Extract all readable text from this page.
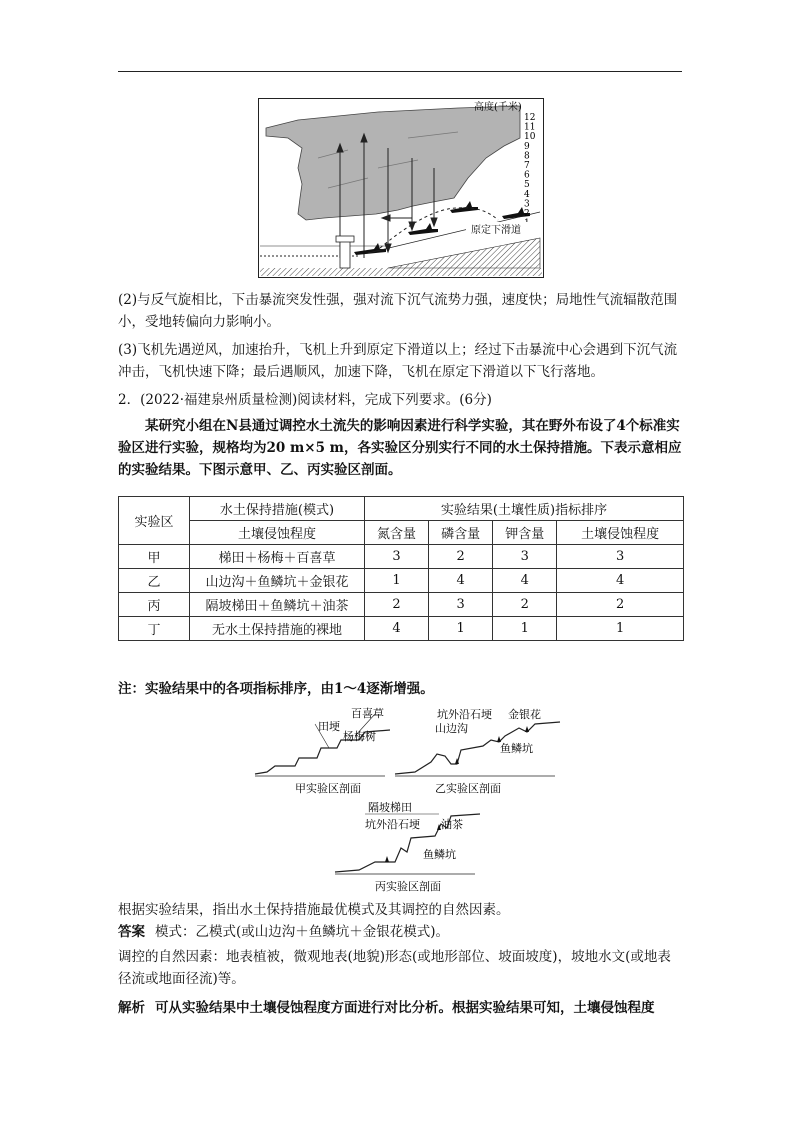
高度(千米)
12
11
10
9
8
7
6
5
4
3
2
原定下滑道

(2)与反气旋相比，下击暴流突发性强，强对流下沉气流势力强，速度快；局地性气流辐散范围小，受地转偏向力影响小。

(3)飞机先遇逆风，加速抬升，飞机上升到原定下滑道以上；经过下击暴流中心会遇到下沉气流冲击，飞机快速下降；最后遇顺风，加速下降，飞机在原定下滑道以下飞行落地。

2．(2022·福建泉州质量检测)阅读材料，完成下列要求。(6分)

某研究小组在N县通过调控水土流失的影响因素进行科学实验，其在野外布设了4个标准实验区进行实验，规格均为20 m×5 m，各实验区分别实行不同的水土保持措施。下表示意相应的实验结果。下图示意甲、乙、丙实验区剖面。

实验区	水土保持措施(模式)	实验结果(土壤性质)指标排序			
	土壤侵蚀程度	氮含量	磷含量	钾含量	土壤侵蚀程度
甲	梯田＋杨梅＋百喜草	3	2	3	3
乙	山边沟＋鱼鳞坑＋金银花	1	4	4	4
丙	隔坡梯田＋鱼鳞坑＋油茶	2	3	2	2
丁	无水土保持措施的裸地	4	1	1	1

注：实验结果中的各项指标排序，由1～4逐渐增强。

百喜草
田埂
杨梅树
甲实验区剖面
坑外沿石埂 金银花
山边沟
鱼鳞坑
乙实验区剖面
隔坡梯田
坑外沿石埂 油茶
鱼鳞坑
丙实验区剖面

根据实验结果，指出水土保持措施最优模式及其调控的自然因素。

答案 模式：乙模式(或山边沟＋鱼鳞坑＋金银花模式)。

调控的自然因素：地表植被，微观地表(地貌)形态(或地形部位、坡面坡度)，坡地水文(或地表径流或地面径流)等。

解析 可从实验结果中土壤侵蚀程度方面进行对比分析。根据实验结果可知，土壤侵蚀程度
